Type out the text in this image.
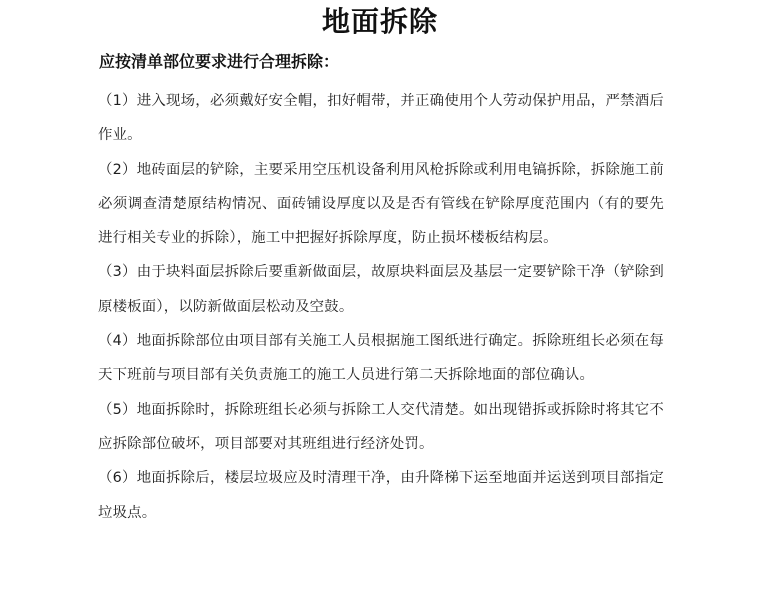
地面拆除
应按清单部位要求进行合理拆除：

（1）进入现场，必须戴好安全帽，扣好帽带，并正确使用个人劳动保护用品，严禁酒后作业。

（2）地砖面层的铲除，主要采用空压机设备利用风枪拆除或利用电镐拆除，拆除施工前必须调查清楚原结构情况、面砖铺设厚度以及是否有管线在铲除厚度范围内（有的要先进行相关专业的拆除），施工中把握好拆除厚度，防止损坏楼板结构层。

（3）由于块料面层拆除后要重新做面层，故原块料面层及基层一定要铲除干净（铲除到原楼板面），以防新做面层松动及空鼓。

（4）地面拆除部位由项目部有关施工人员根据施工图纸进行确定。拆除班组长必须在每天下班前与项目部有关负责施工的施工人员进行第二天拆除地面的部位确认。

（5）地面拆除时，拆除班组长必须与拆除工人交代清楚。如出现错拆或拆除时将其它不应拆除部位破坏，项目部要对其班组进行经济处罚。

（6）地面拆除后，楼层垃圾应及时清理干净，由升降梯下运至地面并运送到项目部指定垃圾点。
